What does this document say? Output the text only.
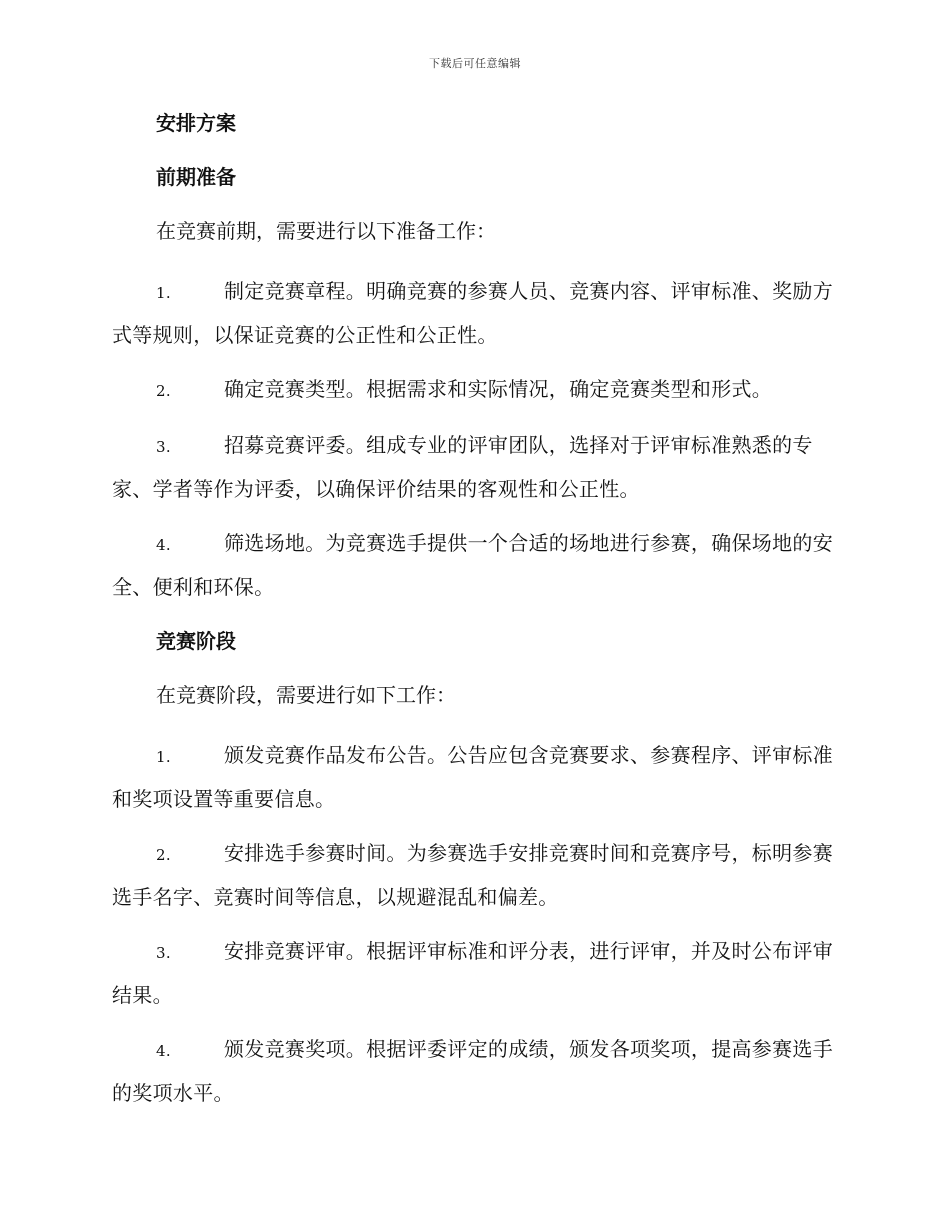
下载后可任意编辑
安排方案
前期准备
在竞赛前期，需要进行以下准备工作：
1.	制定竞赛章程。明确竞赛的参赛人员、竞赛内容、评审标准、奖励方式等规则，以保证竞赛的公正性和公正性。
2.	确定竞赛类型。根据需求和实际情况，确定竞赛类型和形式。
3.	招募竞赛评委。组成专业的评审团队，选择对于评审标准熟悉的专家、学者等作为评委，以确保评价结果的客观性和公正性。
4.	筛选场地。为竞赛选手提供一个合适的场地进行参赛，确保场地的安全、便利和环保。
竞赛阶段
在竞赛阶段，需要进行如下工作：
1.	颁发竞赛作品发布公告。公告应包含竞赛要求、参赛程序、评审标准和奖项设置等重要信息。
2.	安排选手参赛时间。为参赛选手安排竞赛时间和竞赛序号，标明参赛选手名字、竞赛时间等信息，以规避混乱和偏差。
3.	安排竞赛评审。根据评审标准和评分表，进行评审，并及时公布评审结果。
4.	颁发竞赛奖项。根据评委评定的成绩，颁发各项奖项，提高参赛选手的奖项水平。
